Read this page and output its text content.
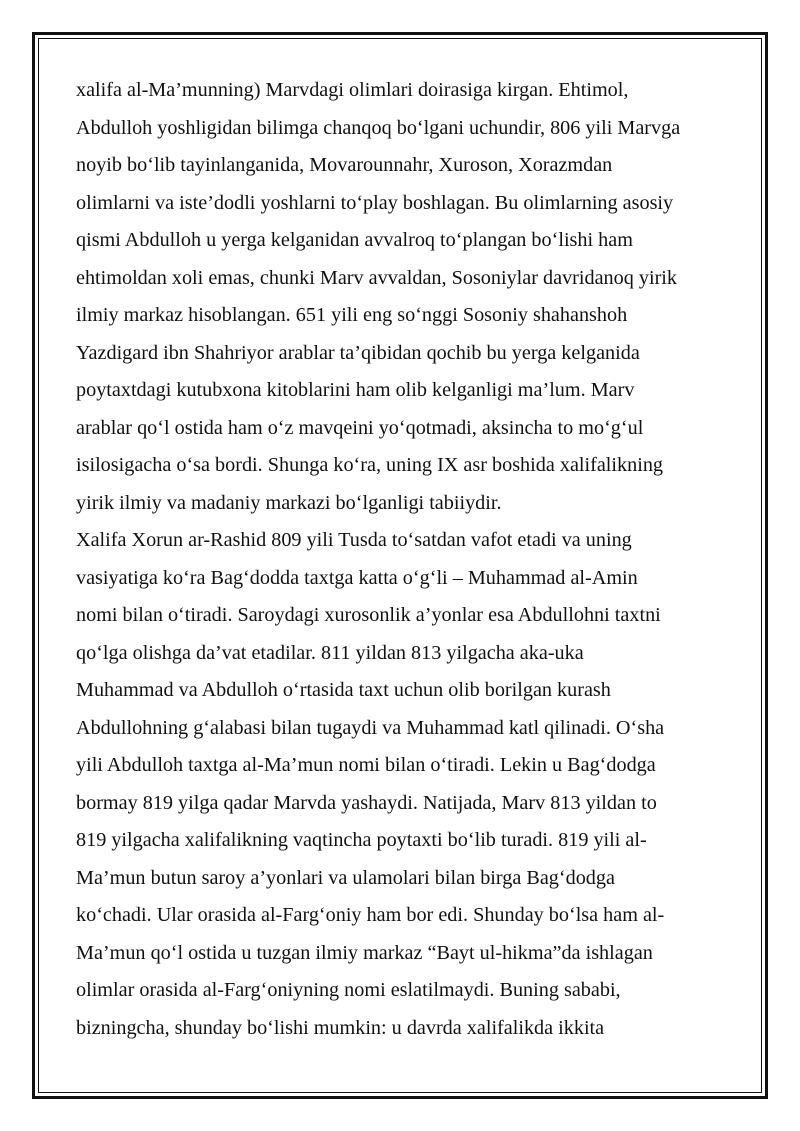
xalifa al-Ma’munning) Marvdagi olimlari doirasiga kirgan. Ehtimol,
Abdulloh yoshligidan bilimga chanqoq bo‘lgani uchundir, 806 yili Marvga
noyib bo‘lib tayinlanganida, Movarounnahr, Xuroson, Xorazmdan
olimlarni va iste’dodli yoshlarni to‘play boshlagan. Bu olimlarning asosiy
qismi Abdulloh u yerga kelganidan avvalroq to‘plangan bo‘lishi ham
ehtimoldan xoli emas, chunki Marv avvaldan, Sosoniylar davridanoq yirik
ilmiy markaz hisoblangan. 651 yili eng so‘nggi Sosoniy shahanshoh
Yazdigard ibn Shahriyor arablar ta’qibidan qochib bu yerga kelganida
poytaxtdagi kutubxona kitoblarini ham olib kelganligi ma’lum. Marv
arablar qo‘l ostida ham o‘z mavqeini yo‘qotmadi, aksincha to mo‘g‘ul
isilosigacha o‘sa bordi. Shunga ko‘ra, uning IX asr boshida xalifalikning
yirik ilmiy va madaniy markazi bo‘lganligi tabiiydir.
Xalifa Xorun ar-Rashid 809 yili Tusda to‘satdan vafot etadi va uning
vasiyatiga ko‘ra Bag‘dodda taxtga katta o‘g‘li – Muhammad al-Amin
nomi bilan o‘tiradi. Saroydagi xurosonlik a’yonlar esa Abdullohni taxtni
qo‘lga olishga da’vat etadilar. 811 yildan 813 yilgacha aka-uka
Muhammad va Abdulloh o‘rtasida taxt uchun olib borilgan kurash
Abdullohning g‘alabasi bilan tugaydi va Muhammad katl qilinadi. O‘sha
yili Abdulloh taxtga al-Ma’mun nomi bilan o‘tiradi. Lekin u Bag‘dodga
bormay 819 yilga qadar Marvda yashaydi. Natijada, Marv 813 yildan to
819 yilgacha xalifalikning vaqtincha poytaxti bo‘lib turadi. 819 yili al-
Ma’mun butun saroy a’yonlari va ulamolari bilan birga Bag‘dodga
ko‘chadi. Ular orasida al-Farg‘oniy ham bor edi. Shunday bo‘lsa ham al-
Ma’mun qo‘l ostida u tuzgan ilmiy markaz “Bayt ul-hikma”da ishlagan
olimlar orasida al-Farg‘oniyning nomi eslatilmaydi. Buning sababi,
bizningcha, shunday bo‘lishi mumkin: u davrda xalifalikda ikkita
